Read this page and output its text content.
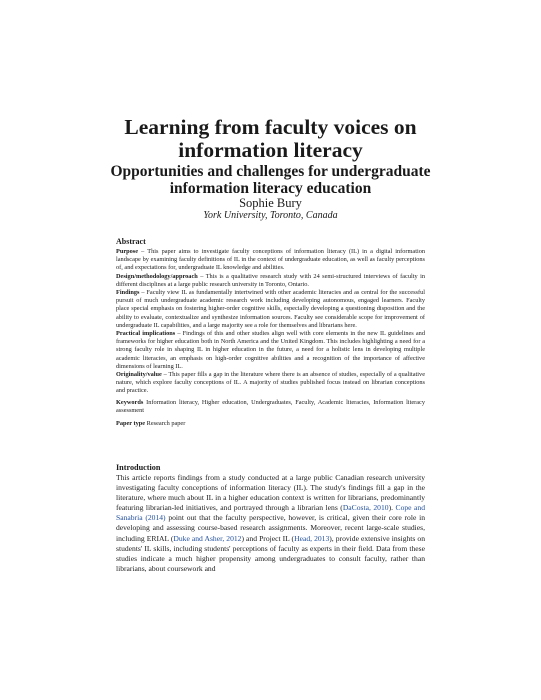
Learning from faculty voices on information literacy
Opportunities and challenges for undergraduate information literacy education
Sophie Bury
York University, Toronto, Canada
Abstract

Purpose – This paper aims to investigate faculty conceptions of information literacy (IL) in a digital information landscape by examining faculty definitions of IL in the context of undergraduate education, as well as faculty perceptions of, and expectations for, undergraduate IL knowledge and abilities.

Design/methodology/approach – This is a qualitative research study with 24 semi-structured interviews of faculty in different disciplines at a large public research university in Toronto, Ontario.

Findings – Faculty view IL as fundamentally intertwined with other academic literacies and as central for the successful pursuit of much undergraduate academic research work including developing autonomous, engaged learners. Faculty place special emphasis on fostering higher-order cognitive skills, especially developing a questioning disposition and the ability to evaluate, contextualize and synthesize information sources. Faculty see considerable scope for improvement of undergraduate IL capabilities, and a large majority see a role for themselves and librarians here.

Practical implications – Findings of this and other studies align well with core elements in the new IL guidelines and frameworks for higher education both in North America and the United Kingdom. This includes highlighting a need for a strong faculty role in shaping IL in higher education in the future, a need for a holistic lens in developing multiple academic literacies, an emphasis on high-order cognitive abilities and a recognition of the importance of affective dimensions of learning IL.

Originality/value – This paper fills a gap in the literature where there is an absence of studies, especially of a qualitative nature, which explore faculty conceptions of IL. A majority of studies published focus instead on librarian conceptions and practice.

Keywords Information literacy, Higher education, Undergraduates, Faculty, Academic literacies, Information literacy assessment

Paper type Research paper

Introduction

This article reports findings from a study conducted at a large public Canadian research university investigating faculty conceptions of information literacy (IL). The study's findings fill a gap in the literature, where much about IL in a higher education context is written for librarians, predominantly featuring librarian-led initiatives, and portrayed through a librarian lens (DaCosta, 2010). Cope and Sanabria (2014) point out that the faculty perspective, however, is critical, given their core role in developing and assessing course-based research assignments. Moreover, recent large-scale studies, including ERIAL (Duke and Asher, 2012) and Project IL (Head, 2013), provide extensive insights on students' IL skills, including students' perceptions of faculty as experts in their field. Data from these studies indicate a much higher propensity among undergraduates to consult faculty, rather than librarians, about coursework and
